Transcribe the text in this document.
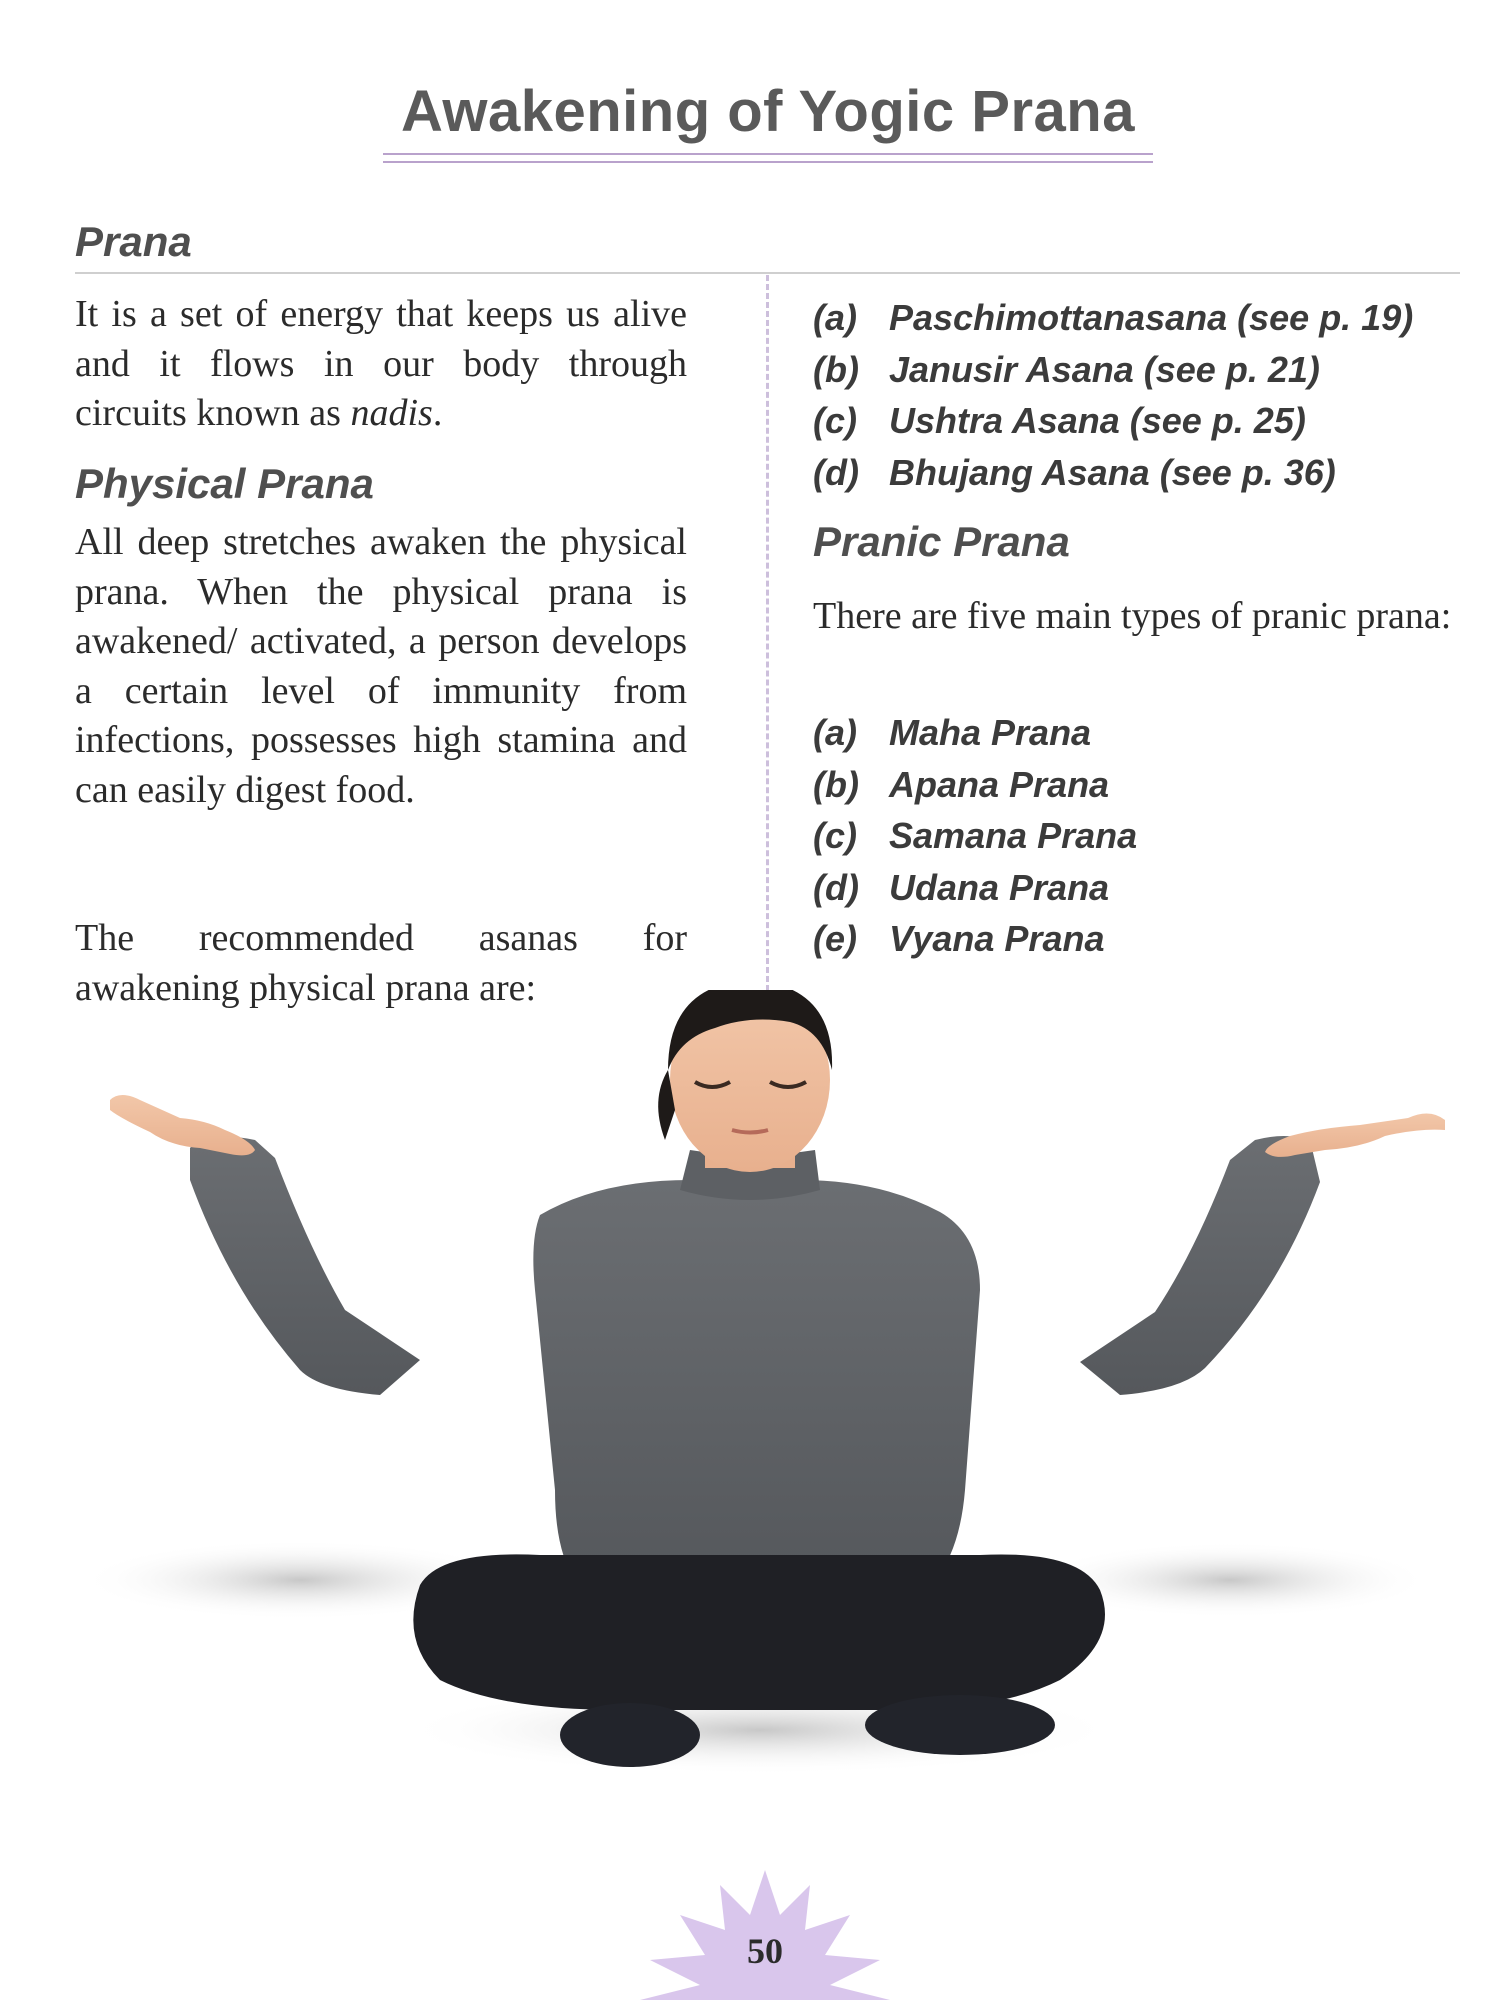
Awakening of Yogic Prana
Prana

It is a set of energy that keeps us alive and it flows in our body through circuits known as nadis.

Physical Prana

All deep stretches awaken the physical prana. When the physical prana is awakened/ activated, a person develops a certain level of immunity from infections, possesses high stamina and can easily digest food.

The recommended asanas for awakening physical prana are:

(a) Paschimottanasana (see p. 19)
(b) Janusir Asana (see p. 21)
(c) Ushtra Asana (see p. 25)
(d) Bhujang Asana (see p. 36)
Pranic Prana

There are five main types of pranic prana:

(a) Maha Prana
(b) Apana Prana
(c) Samana Prana
(d) Udana Prana
(e) Vyana Prana
50
